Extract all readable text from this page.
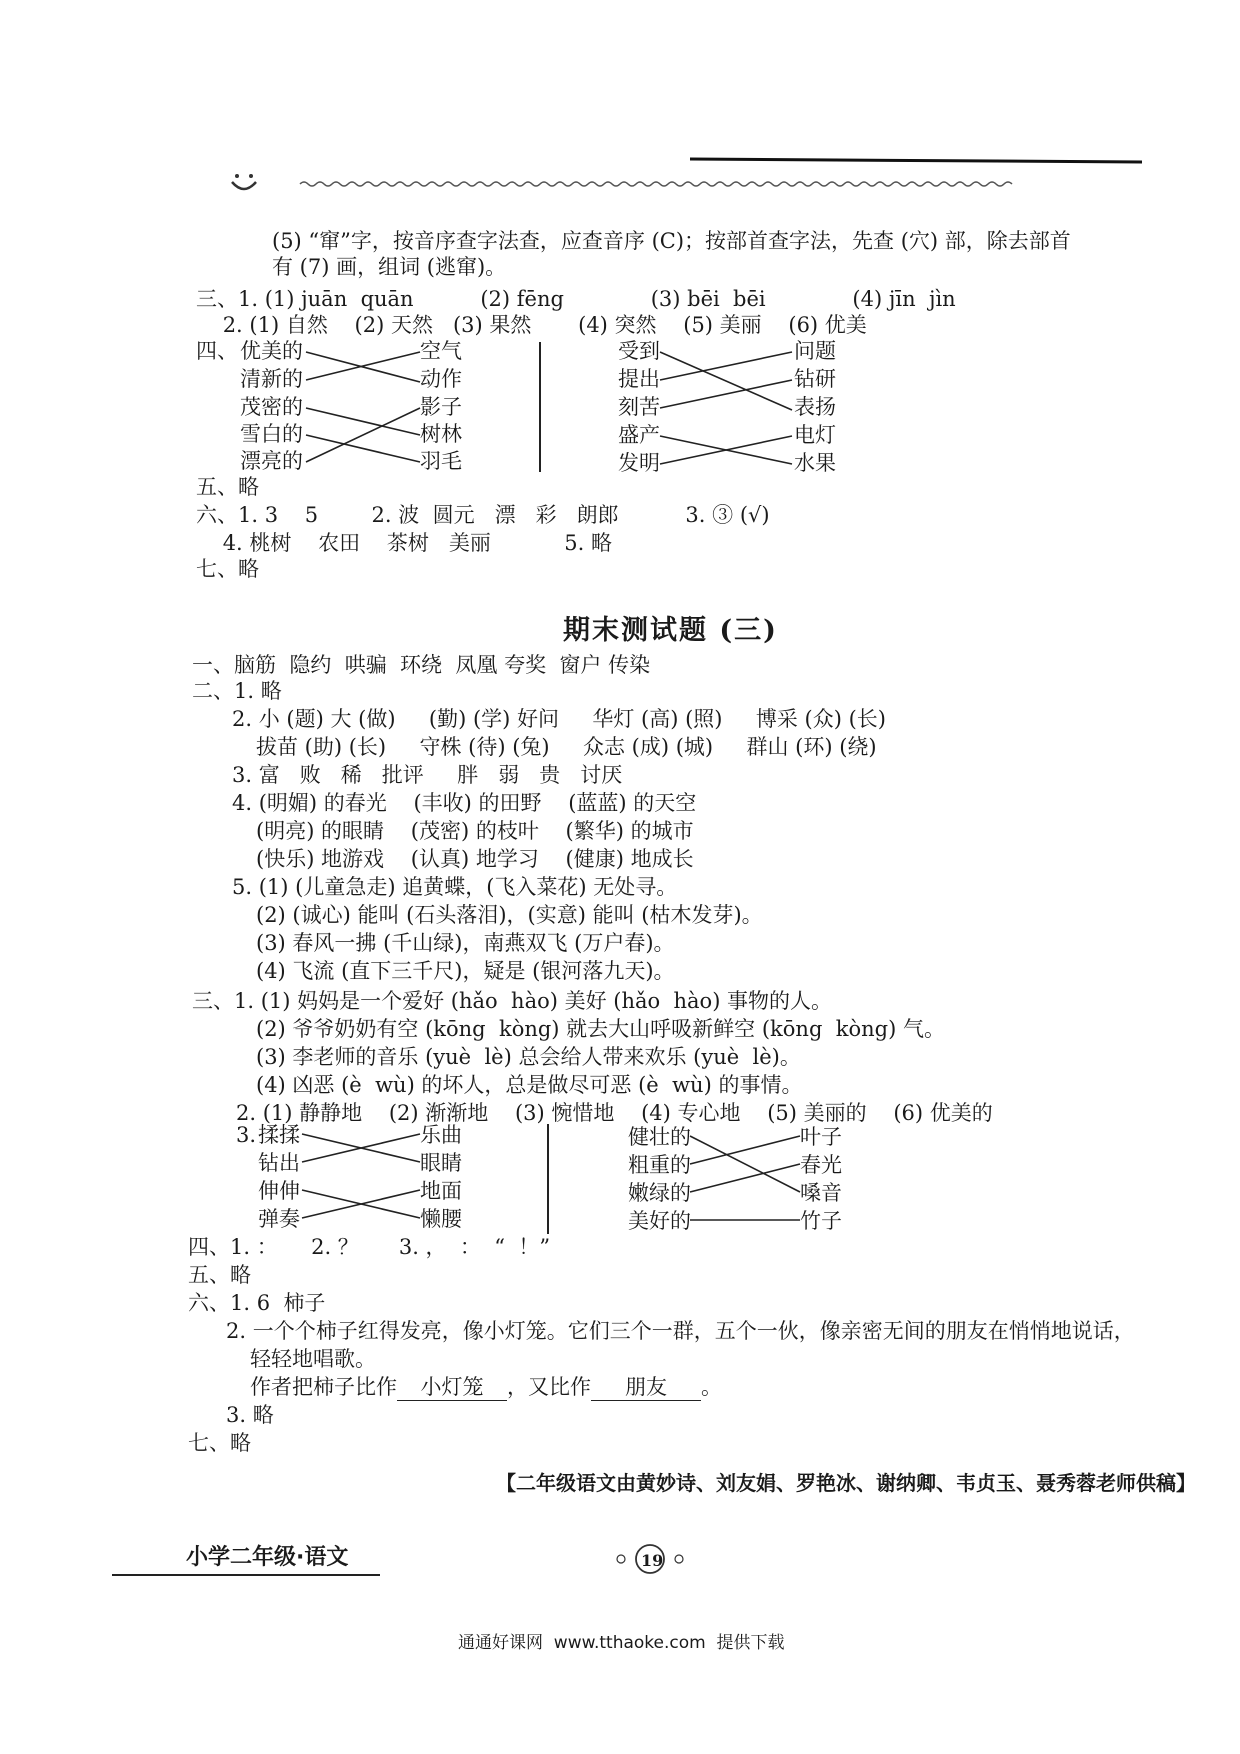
(5) “窜”字，按音序查字法查，应查音序 (C)；按部首查字法，先查 (穴) 部，除去部首
有 (7) 画，组词 (逃窜)。
三、1. (1) juān  quān          (2) fēng             (3) bēi  bēi             (4) jīn  jìn
2. (1) 自然    (2) 天然   (3) 果然       (4) 突然    (5) 美丽    (6) 优美
四、 优美的
清新的
茂密的
雪白的
漂亮的
空气
动作
影子
树林
羽毛
受到
提出
刻苦
盛产
发明
问题
钻研
表扬
电灯
水果
五、略
六、1. 3    5        2. 波  圆元   漂   彩   朗郎          3. ③ (√)
4. 桃树    农田    茶树   美丽           5. 略
七、略
期末测试题 (三)
一、脑筋  隐约  哄骗  环绕  凤凰 夸奖  窗户 传染
二、1. 略
2. 小 (题) 大 (做)     (勤) (学) 好问     华灯 (高) (照)     博采 (众) (长)
拔苗 (助) (长)     守株 (待) (兔)     众志 (成) (城)     群山 (环) (绕)
3. 富   败   稀   批评     胖   弱   贵   讨厌
4. (明媚) 的春光    (丰收) 的田野    (蓝蓝) 的天空
(明亮) 的眼睛    (茂密) 的枝叶    (繁华) 的城市
(快乐) 地游戏    (认真) 地学习    (健康) 地成长
5. (1) (儿童急走) 追黄蝶，(飞入菜花) 无处寻。
(2) (诚心) 能叫 (石头落泪)，(实意) 能叫 (枯木发芽)。
(3) 春风一拂 (千山绿)，南燕双飞 (万户春)。
(4) 飞流 (直下三千尺)，疑是 (银河落九天)。
三、1. (1) 妈妈是一个爱好 (hǎo  hào) 美好 (hǎo  hào) 事物的人。
(2) 爷爷奶奶有空 (kōng  kòng) 就去大山呼吸新鲜空 (kōng  kòng) 气。
(3) 李老师的音乐 (yuè  lè) 总会给人带来欢乐 (yuè  lè)。
(4) 凶恶 (è  wù) 的坏人，总是做尽可恶 (è  wù) 的事情。
2. (1) 静静地    (2) 渐渐地    (3) 惋惜地    (4) 专心地    (5) 美丽的    (6) 优美的
3. 揉揉
钻出
伸伸
弹奏
乐曲
眼睛
地面
懒腰
健壮的
粗重的
嫩绿的
美好的
叶子
春光
嗓音
竹子
四、1. ：     2. ？      3. ，  ：  “  ！”
五、略
六、1. 6  柿子
2. 一个个柿子红得发亮，像小灯笼。它们三个一群，五个一伙，像亲密无间的朋友在悄悄地说话，
轻轻地唱歌。
作者把柿子比作 小灯笼 ，又比作 朋友 。
3. 略
七、略
【二年级语文由黄妙诗、刘友娟、罗艳冰、谢纳卿、韦贞玉、聂秀蓉老师供稿】
小学二年级·语文	19
通通好课网  www.tthaoke.com  提供下载
